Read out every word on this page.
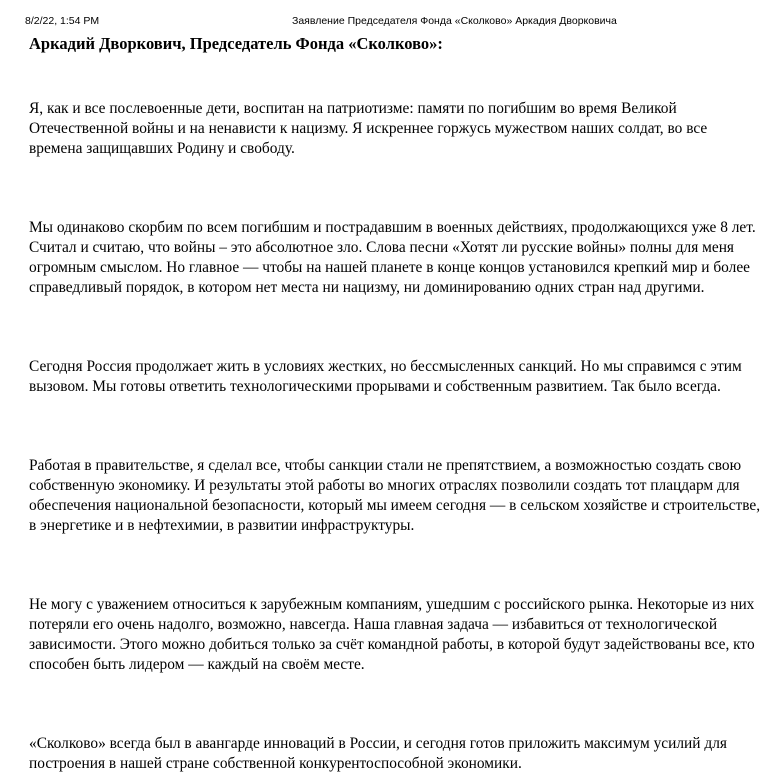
8/2/22, 1:54 PM	Заявление Председателя Фонда «Сколково» Аркадия Дворковича
Аркадий Дворкович, Председатель Фонда «Сколково»:

Я, как и все послевоенные дети, воспитан на патриотизме: памяти по погибшим во время Великой Отечественной войны и на ненависти к нацизму. Я искреннее горжусь мужеством наших солдат, во все времена защищавших Родину и свободу.

Мы одинаково скорбим по всем погибшим и пострадавшим в военных действиях, продолжающихся уже 8 лет. Считал и считаю, что войны – это абсолютное зло. Слова песни «Хотят ли русские войны» полны для меня огромным смыслом. Но главное — чтобы на нашей планете в конце концов установился крепкий мир и более справедливый порядок, в котором нет места ни нацизму, ни доминированию одних стран над другими.

Сегодня Россия продолжает жить в условиях жестких, но бессмысленных санкций. Но мы справимся с этим вызовом. Мы готовы ответить технологическими прорывами и собственным развитием. Так было всегда.

Работая в правительстве, я сделал все, чтобы санкции стали не препятствием, а возможностью создать свою собственную экономику. И результаты этой работы во многих отраслях позволили создать тот плацдарм для обеспечения национальной безопасности, который мы имеем сегодня — в сельском хозяйстве и строительстве, в энергетике и в нефтехимии, в развитии инфраструктуры.

Не могу с уважением относиться к зарубежным компаниям, ушедшим с российского рынка. Некоторые из них потеряли его очень надолго, возможно, навсегда. Наша главная задача — избавиться от технологической зависимости. Этого можно добиться только за счёт командной работы, в которой будут задействованы все, кто способен быть лидером — каждый на своём месте.

«Сколково» всегда был в авангарде инноваций в России, и сегодня готов приложить максимум усилий для построения в нашей стране собственной конкурентоспособной экономики.
